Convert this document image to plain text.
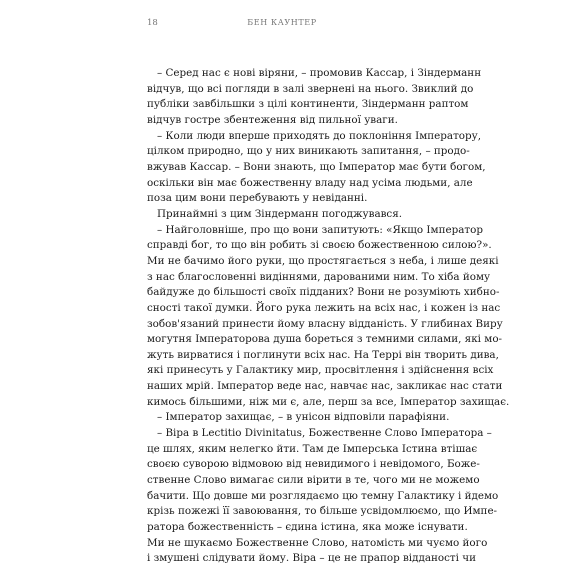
18	БЕН КАУНТЕР
– Серед нас є нові віряни, – промовив Кассар, і Зіндерманн
відчув, що всі погляди в залі звернені на нього. Звиклий до
публіки завбільшки з цілі континенти, Зіндерманн раптом
відчув гостре збентеження від пильної уваги.
– Коли люди вперше приходять до поклоніння Імператору,
цілком природно, що у них виникають запитання, – продо-
вжував Кассар. – Вони знають, що Імператор має бути богом,
оскільки він має божественну владу над усіма людьми, але
поза цим вони перебувають у невіданні.
Принаймні з цим Зіндерманн погоджувався.
– Найголовніше, про що вони запитують: «Якщо Імператор
справді бог, то що він робить зі своєю божественною силою?».
Ми не бачимо його руки, що простягається з неба, і лише деякі
з нас благословенні видіннями, дарованими ним. То хіба йому
байдуже до більшості своїх підданих? Вони не розуміють хибно-
сності такої думки. Його рука лежить на всіх нас, і кожен із нас
зобов'язаний принести йому власну відданість. У глибинах Виру
могутня Імператорова душа бореться з темними силами, які мо-
жуть вирватися і поглинути всіх нас. На Террі він творить дива,
які принесуть у Галактику мир, просвітлення і здійснення всіх
наших мрій. Імператор веде нас, навчає нас, закликає нас стати
кимось більшими, ніж ми є, але, перш за все, Імператор захищає.
– Імператор захищає, – в унісон відповіли парафіяни.
– Віра в Lectitio Divinitatus, Божественне Слово Імператора –
це шлях, яким нелегко йти. Там де Імперська Істина втішає
своєю суворою відмовою від невидимого і невідомого, Боже-
ственне Слово вимагає сили вірити в те, чого ми не можемо
бачити. Що довше ми розглядаємо цю темну Галактику і йдемо
крізь пожежі її завоювання, то більше усвідомлюємо, що Импе-
ратора божественність – єдина істина, яка може існувати.
Ми не шукаємо Божественне Слово, натомість ми чуємо його
і змушені слідувати йому. Віра – це не прапор відданості чи
